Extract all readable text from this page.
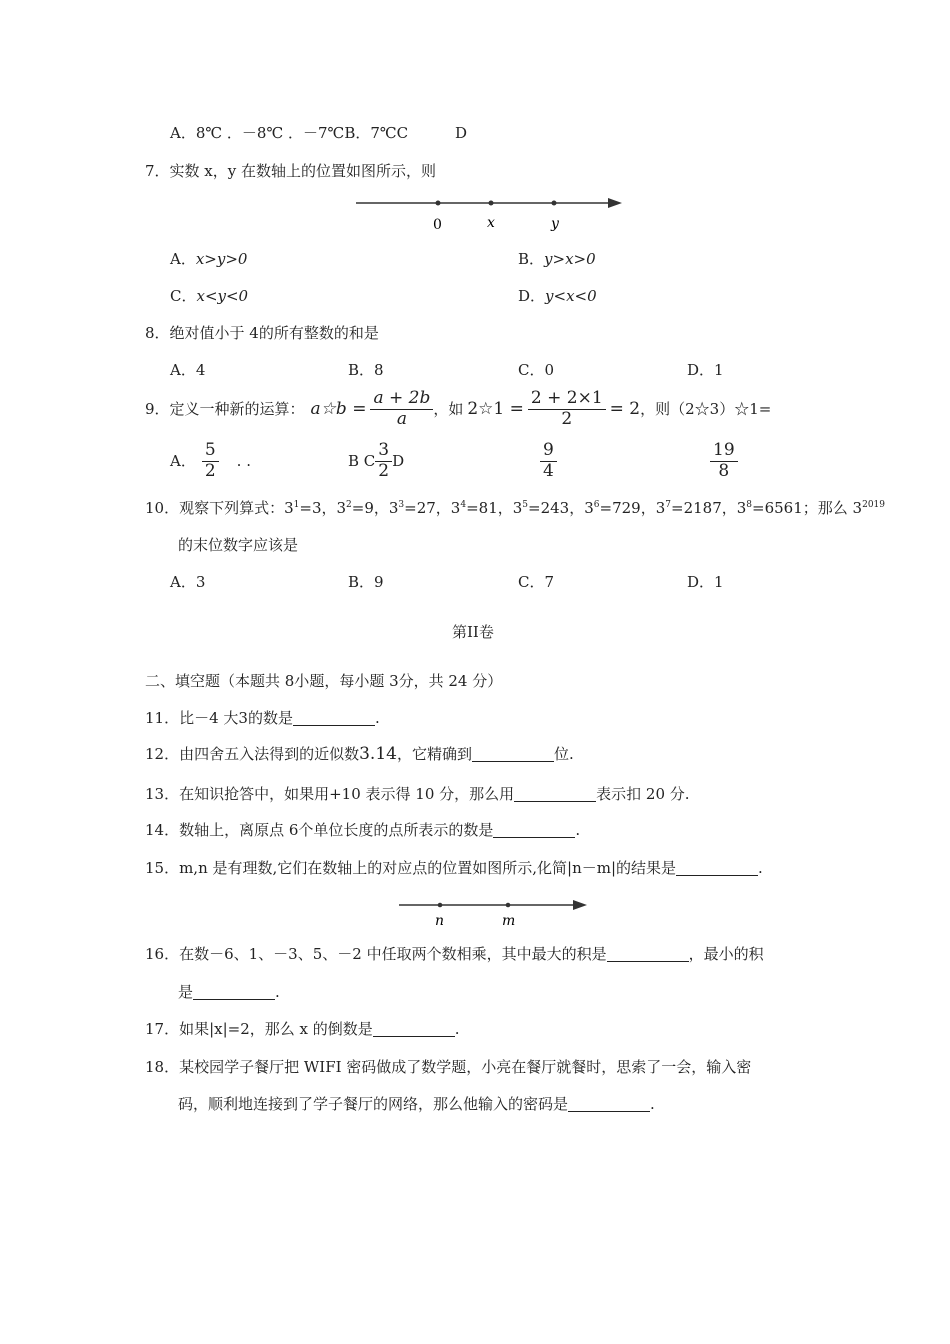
A．8℃ ．－8℃ ．－7℃B．7℃C	D
7．实数 x，y 在数轴上的位置如图所示，则
0	x	y
A．x>y>0	B．y>x>0
C．x<y<0	D．y<x<0
8．绝对值小于 4的所有整数的和是
A．4	B．8	C．0	D．1
9．定义一种新的运算： a☆b = $\frac{a + 2b}{a}$ ，如 2☆1 = $\frac{2 + 2\times 1}{2} = 2$ ，则（2☆3）☆1=
A． $\frac{5}{2}$ . .	B C $\frac{3}{2}$ D	$\frac{9}{4}$	$\frac{19}{8}$
10．观察下列算式：$3^1=3$，$3^2=9$，$3^3=27$，$3^4=81$，$3^5=243$，$3^6=729$，$3^7=2187$，$3^8=6561$；那么 $3^{2019}$
的末位数字应该是
A．3	B．9	C．7	D．1
第II卷
二、填空题（本题共 8小题，每小题 3分，共 24 分）
11．比－4 大3的数是	.
12．由四舍五入法得到的近似数3.14，它精确到	位.
13．在知识抢答中，如果用+10 表示得 10 分，那么用	表示扣 20 分.
14．数轴上，离原点 6个单位长度的点所表示的数是	.
15．m,n 是有理数,它们在数轴上的对应点的位置如图所示,化简|n－m|的结果是	.
n	m
16．在数－6、1、－3、5、－2 中任取两个数相乘，其中最大的积是	，最小的积
是	.
17．如果|x|=2，那么 x 的倒数是	.
18．某校园学子餐厅把 WIFI 密码做成了数学题，小亮在餐厅就餐时，思索了一会，输入密
码，顺利地连接到了学子餐厅的网络，那么他输入的密码是	.
